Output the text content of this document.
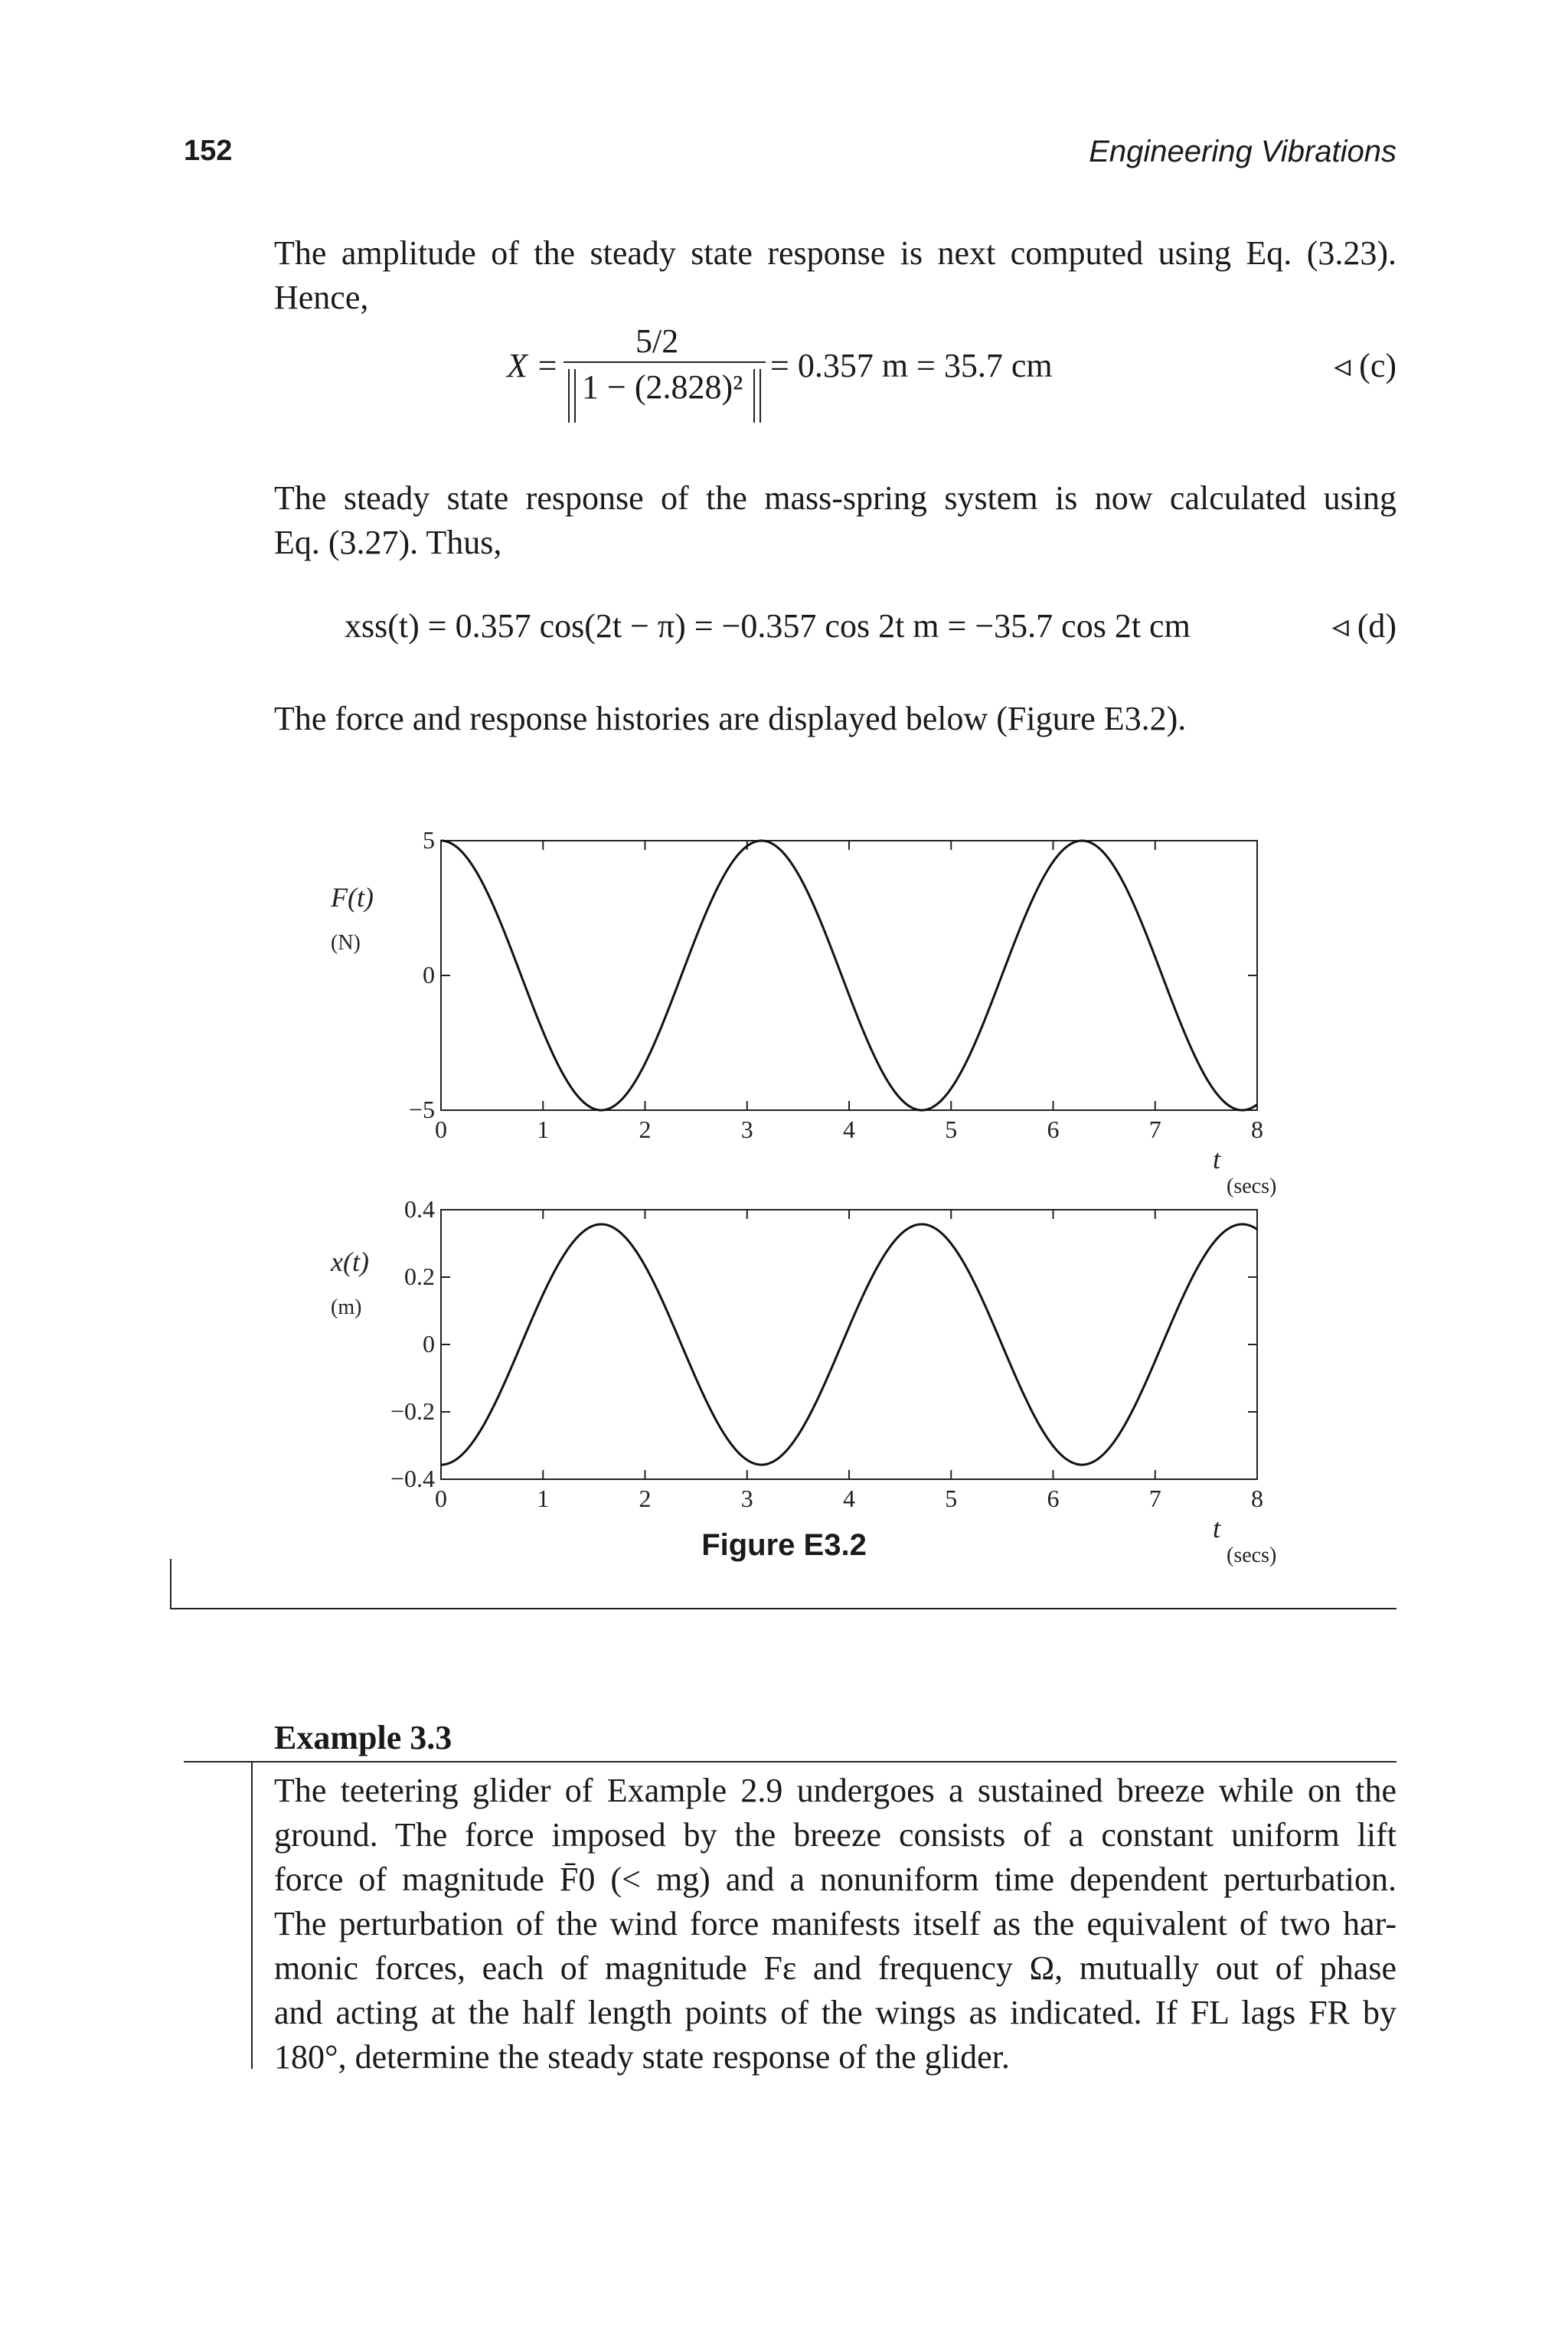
152	Engineering Vibrations

The amplitude of the steady state response is next computed using Eq. (3.23).

Hence,

X =
5/2
1 − (2.828)²
= 0.357 m = 35.7 cm	◃ (c)

The steady state response of the mass-spring system is now calculated using

Eq. (3.27). Thus,

xss(t) = 0.357 cos(2t − π) = −0.357 cos 2t m = −35.7 cos 2t cm	◃ (d)
The force and response histories are displayed below (Figure E3.2).
0	1	2	3	4	5	6	7	8
5
0
−5
F(t)
(N)
t
(secs)
0	1	2	3	4	5	6	7	8
0.4
0.2
0
−0.2
−0.4
x(t)
(m)
t
(secs)
Figure E3.2
Example 3.3

The teetering glider of Example 2.9 undergoes a sustained breeze while on the

ground. The force imposed by the breeze consists of a constant uniform lift

force of magnitude F̄0 (< mg) and a nonuniform time dependent perturbation.

The perturbation of the wind force manifests itself as the equivalent of two har-

monic forces, each of magnitude Fε and frequency Ω, mutually out of phase

and acting at the half length points of the wings as indicated. If FL lags FR by

180°, determine the steady state response of the glider.
